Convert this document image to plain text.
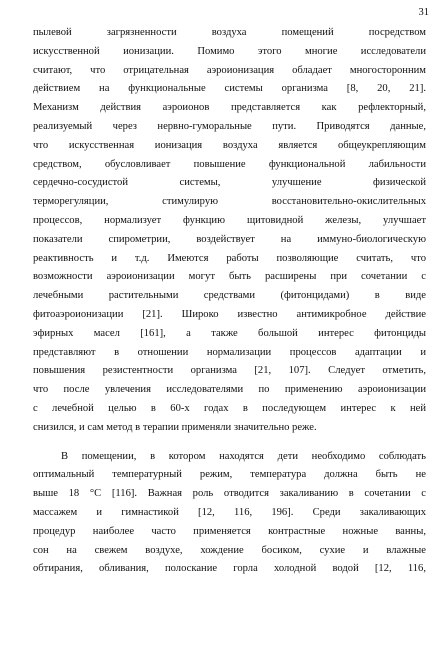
31
пылевой загрязненности воздуха помещений посредством
искусственной ионизации. Помимо этого многие исследователи
считают, что отрицательная аэроионизация обладает многосторонним
действием на функциональные системы организма [8, 20, 21].
Механизм действия аэроионов представляется как рефлекторный,
реализуемый через нервно-гуморальные пути. Приводятся данные,
что искусственная ионизация воздуха является общеукрепляющим
средством, обусловливает повышение функциональной лабильности
сердечно-сосудистой системы, улучшение физической
терморегуляции, стимулирую восстановительно-окислительных
процессов, нормализует функцию щитовидной железы, улучшает
показатели спирометрии, воздействует на иммуно-биологическую
реактивность и т.д. Имеются работы позволяющие считать, что
возможности аэроионизации могут быть расширены при сочетании с
лечебными растительными средствами (фитонцидами) в виде
фитоаэроионизации [21]. Широко известно антимикробное действие
эфирных масел [161], а также большой интерес фитонциды
представляют в отношении нормализации процессов адаптации и
повышения резистентности организма [21, 107]. Следует отметить,
что после увлечения исследователями по применению аэроионизации
с лечебной целью в 60-х годах в последующем интерес к ней
снизился, и сам метод в терапии применяли значительно реже.
В помещении, в котором находятся дети необходимо соблюдать
оптимальный температурный режим, температура должна быть не
выше 18 °С [116]. Важная роль отводится закаливанию в сочетании с
массажем и гимнастикой [12, 116, 196]. Среди закаливающих
процедур наиболее часто применяется контрастные ножные ванны,
сон на свежем воздухе, хождение босиком, сухие и влажные
обтирания, обливания, полоскание горла холодной водой [12, 116,
